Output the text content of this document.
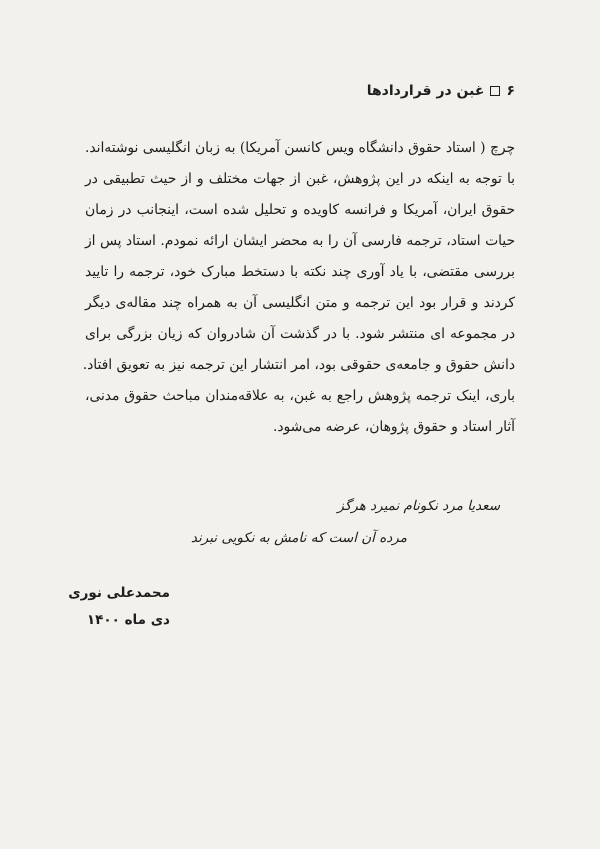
۶
غبن در قراردادها
چرچ ( استاد حقوق دانشگاه ویس کانسن آمریکا) به زبان انگلیسی نوشته‌اند.
با توجه به اینکه در این پژوهش، غبن از جهات مختلف و از حیث تطبیقی در
حقوق ایران، آمریکا و فرانسه کاویده و تحلیل شده است، اینجانب در زمان
حیات استاد، ترجمه فارسی آن را به محضر ایشان ارائه نمودم. استاد پس از
بررسی مقتضی، با یاد آوری چند نکته با دستخط مبارک خود، ترجمه را تایید
کردند و قرار بود این ترجمه و متن انگلیسی آن به همراه چند مقاله‌ی دیگر
در مجموعه ای منتشر شود. با در گذشت آن شادروان که زیان بزرگی برای
دانش حقوق و جامعه‌ی حقوقی بود، امر انتشار این ترجمه نیز به تعویق افتاد.
باری، اینک ترجمه پژوهش راجع به غبن، به علاقه‌مندان مباحث حقوق مدنی،
آثار استاد و حقوق پژوهان، عرضه می‌شود.
سعدیا مرد نکونام نمیرد هرگز
مرده آن است که نامش به نکویی نبرند
محمدعلی نوری
دی ماه ۱۴۰۰
